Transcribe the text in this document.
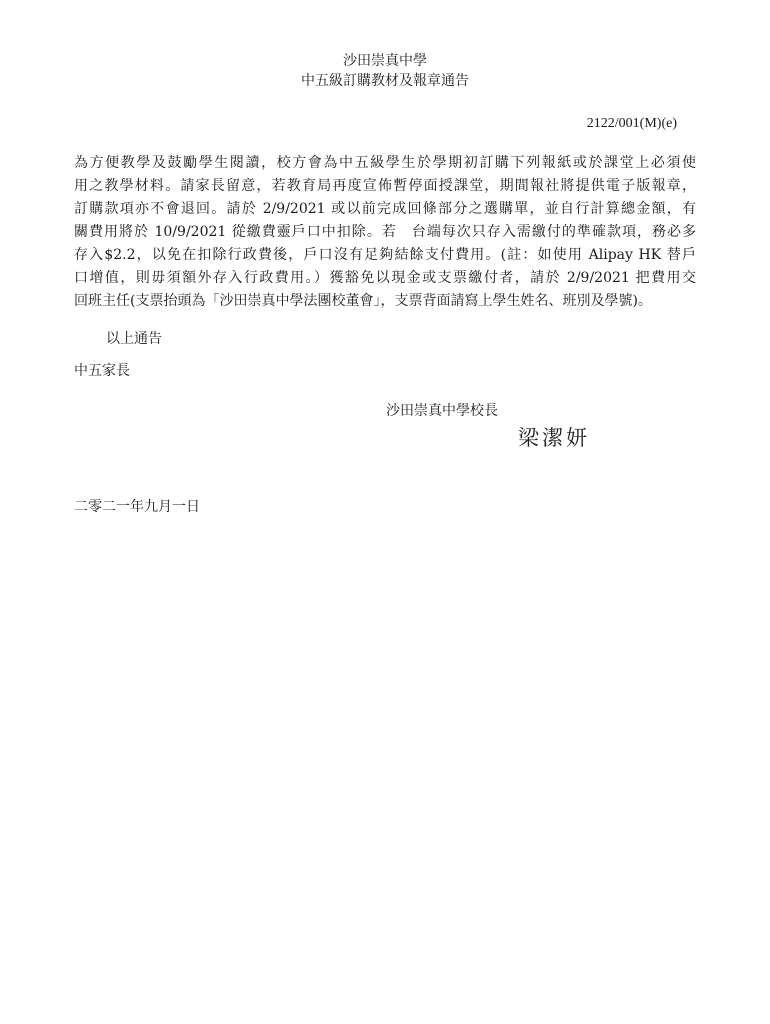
沙田崇真中學
中五級訂購教材及報章通告
2122/001(M)(e)
為方便教學及鼓勵學生閱讀，校方會為中五級學生於學期初訂購下列報紙或於課堂上必須使
用之教學材料。請家長留意，若教育局再度宣佈暫停面授課堂，期間報社將提供電子版報章，
訂購款項亦不會退回。請於 2/9/2021 或以前完成回條部分之選購單，並自行計算總金額，有
關費用將於 10/9/2021 從繳費靈戶口中扣除。若　台端每次只存入需繳付的準確款項，務必多
存入$2.2，以免在扣除行政費後，戶口沒有足夠結餘支付費用。(註：如使用 Alipay HK 替戶
口增值，則毋須額外存入行政費用。）獲豁免以現金或支票繳付者，請於 2/9/2021 把費用交
回班主任(支票抬頭為「沙田崇真中學法團校董會」，支票背面請寫上學生姓名、班別及學號)。
以上通告
中五家長
沙田崇真中學校長
梁潔妍
二零二一年九月一日
